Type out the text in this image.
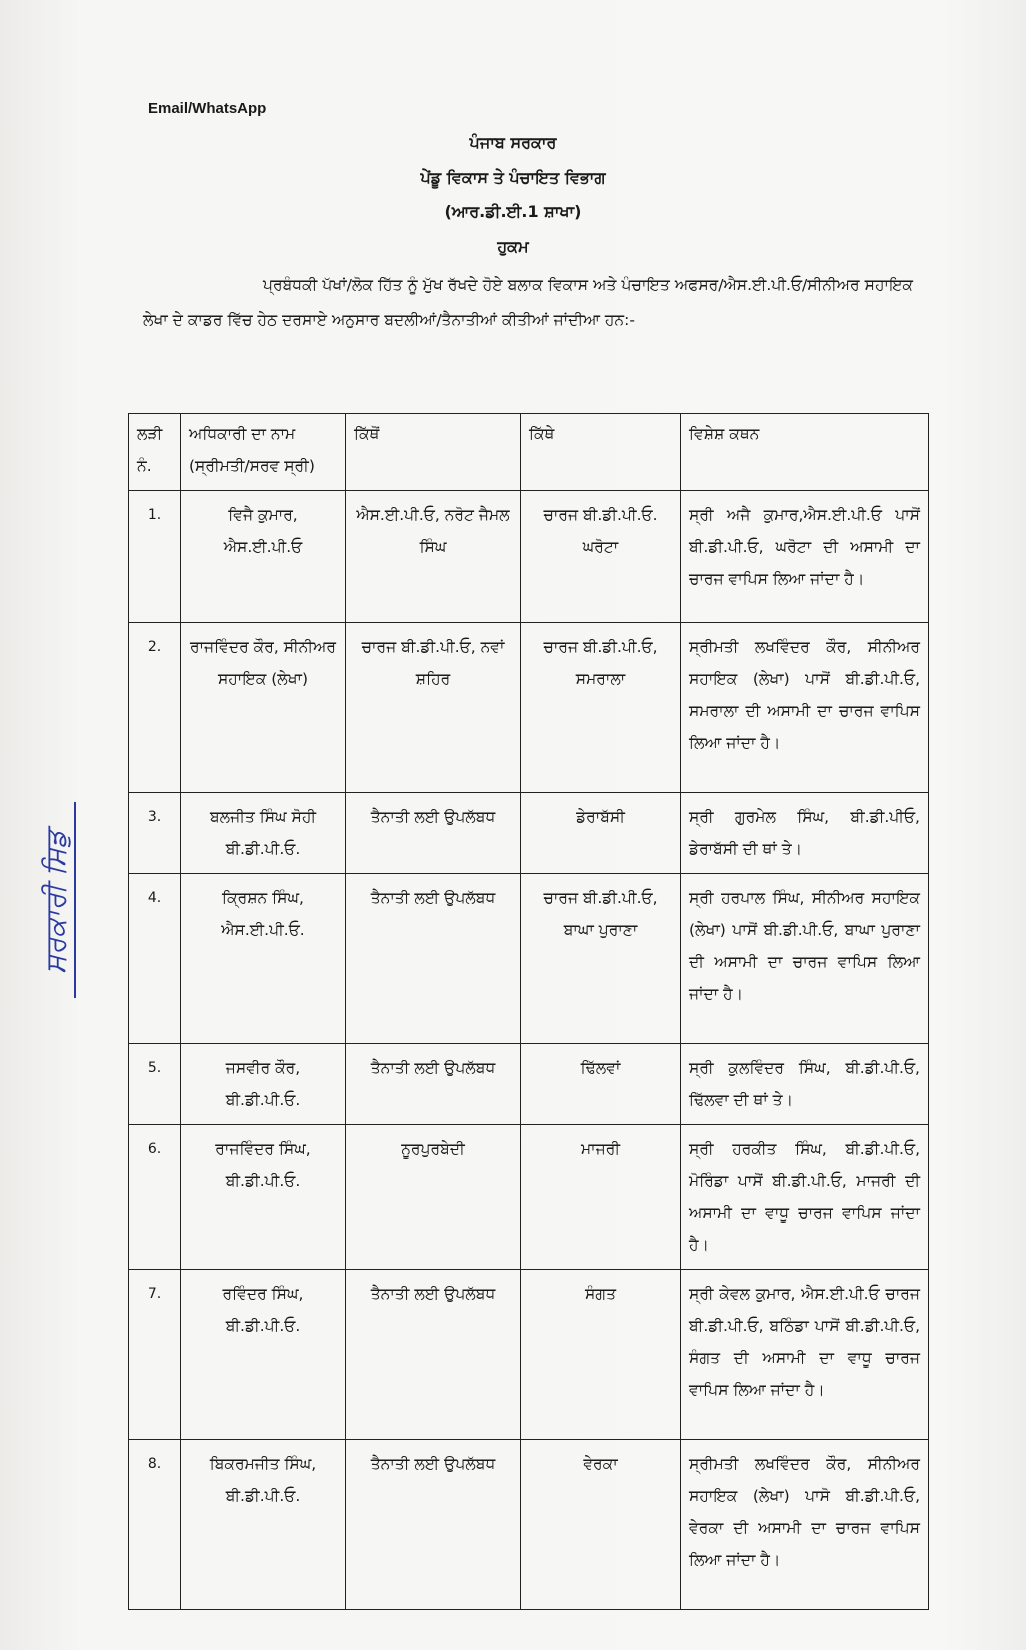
Email/WhatsApp
ਪੰਜਾਬ ਸਰਕਾਰ
ਪੇਂਡੂ ਵਿਕਾਸ ਤੇ ਪੰਚਾਇਤ ਵਿਭਾਗ
(ਆਰ.ਡੀ.ਈ.1 ਸ਼ਾਖਾ)
ਹੁਕਮ
ਪ੍ਰਬੰਧਕੀ ਪੱਖਾਂ/ਲੋਕ ਹਿੱਤ ਨੂੰ ਮੁੱਖ ਰੱਖਦੇ ਹੋਏ ਬਲਾਕ ਵਿਕਾਸ ਅਤੇ ਪੰਚਾਇਤ ਅਫਸਰ/ਐਸ.ਈ.ਪੀ.ਓ/ਸੀਨੀਅਰ ਸਹਾਇਕ ਲੇਖਾ ਦੇ ਕਾਡਰ ਵਿੱਚ ਹੇਠ ਦਰਸਾਏ ਅਨੁਸਾਰ ਬਦਲੀਆਂ/ਤੈਨਾਤੀਆਂ ਕੀਤੀਆਂ ਜਾਂਦੀਆ ਹਨ:-
ਸਰਕਾਰੀ ਸਿਡੁ
ਲੜੀ ਨੰ.	ਅਧਿਕਾਰੀ ਦਾ ਨਾਮ (ਸ੍ਰੀਮਤੀ/ਸਰਵ ਸ੍ਰੀ)	ਕਿੱਥੋਂ	ਕਿੱਥੇ	ਵਿਸ਼ੇਸ਼ ਕਥਨ
1.	ਵਿਜੈ ਕੁਮਾਰ, ਐਸ.ਈ.ਪੀ.ਓ	ਐਸ.ਈ.ਪੀ.ਓ, ਨਰੋਟ ਜੈਮਲ ਸਿੰਘ	ਚਾਰਜ ਬੀ.ਡੀ.ਪੀ.ਓ. ਘਰੋਟਾ	ਸ੍ਰੀ ਅਜੈ ਕੁਮਾਰ,ਐਸ.ਈ.ਪੀ.ਓ ਪਾਸੋਂ ਬੀ.ਡੀ.ਪੀ.ਓ, ਘਰੋਟਾ ਦੀ ਅਸਾਮੀ ਦਾ ਚਾਰਜ ਵਾਪਿਸ ਲਿਆ ਜਾਂਦਾ ਹੈ।
2.	ਰਾਜਵਿੰਦਰ ਕੌਰ, ਸੀਨੀਅਰ ਸਹਾਇਕ (ਲੇਖਾ)	ਚਾਰਜ ਬੀ.ਡੀ.ਪੀ.ਓ, ਨਵਾਂ ਸ਼ਹਿਰ	ਚਾਰਜ ਬੀ.ਡੀ.ਪੀ.ਓ, ਸਮਰਾਲਾ	ਸ੍ਰੀਮਤੀ ਲਖਵਿੰਦਰ ਕੌਰ, ਸੀਨੀਅਰ ਸਹਾਇਕ (ਲੇਖਾ) ਪਾਸੋਂ ਬੀ.ਡੀ.ਪੀ.ਓ, ਸਮਰਾਲਾ ਦੀ ਅਸਾਮੀ ਦਾ ਚਾਰਜ ਵਾਪਿਸ ਲਿਆ ਜਾਂਦਾ ਹੈ।
3.	ਬਲਜੀਤ ਸਿੰਘ ਸੋਹੀ ਬੀ.ਡੀ.ਪੀ.ਓ.	ਤੈਨਾਤੀ ਲਈ ਉਪਲੱਬਧ	ਡੇਰਾਬੱਸੀ	ਸ੍ਰੀ ਗੁਰਮੇਲ ਸਿੰਘ, ਬੀ.ਡੀ.ਪੀਓ, ਡੇਰਾਬੱਸੀ ਦੀ ਥਾਂ ਤੇ।
4.	ਕ੍ਰਿਸ਼ਨ ਸਿੰਘ, ਐਸ.ਈ.ਪੀ.ਓ.	ਤੈਨਾਤੀ ਲਈ ਉਪਲੱਬਧ	ਚਾਰਜ ਬੀ.ਡੀ.ਪੀ.ਓ, ਬਾਘਾ ਪੁਰਾਣਾ	ਸ੍ਰੀ ਹਰਪਾਲ ਸਿੰਘ, ਸੀਨੀਅਰ ਸਹਾਇਕ (ਲੇਖਾ) ਪਾਸੋਂ ਬੀ.ਡੀ.ਪੀ.ਓ, ਬਾਘਾ ਪੁਰਾਣਾ ਦੀ ਅਸਾਮੀ ਦਾ ਚਾਰਜ ਵਾਪਿਸ ਲਿਆ ਜਾਂਦਾ ਹੈ।
5.	ਜਸਵੀਰ ਕੌਰ, ਬੀ.ਡੀ.ਪੀ.ਓ.	ਤੈਨਾਤੀ ਲਈ ਉਪਲੱਬਧ	ਢਿੱਲਵਾਂ	ਸ੍ਰੀ ਕੁਲਵਿੰਦਰ ਸਿੰਘ, ਬੀ.ਡੀ.ਪੀ.ਓ, ਢਿੱਲਵਾ ਦੀ ਥਾਂ ਤੇ।
6.	ਰਾਜਵਿੰਦਰ ਸਿੰਘ, ਬੀ.ਡੀ.ਪੀ.ਓ.	ਨੂਰਪੁਰਬੇਦੀ	ਮਾਜਰੀ	ਸ੍ਰੀ ਹਰਕੀਤ ਸਿੰਘ, ਬੀ.ਡੀ.ਪੀ.ਓ, ਮੋਰਿੰਡਾ ਪਾਸੋਂ ਬੀ.ਡੀ.ਪੀ.ਓ, ਮਾਜਰੀ ਦੀ ਅਸਾਮੀ ਦਾ ਵਾਧੂ ਚਾਰਜ ਵਾਪਿਸ ਜਾਂਦਾ ਹੈ।
7.	ਰਵਿੰਦਰ ਸਿੰਘ, ਬੀ.ਡੀ.ਪੀ.ਓ.	ਤੈਨਾਤੀ ਲਈ ਉਪਲੱਬਧ	ਸੰਗਤ	ਸ੍ਰੀ ਕੇਵਲ ਕੁਮਾਰ, ਐਸ.ਈ.ਪੀ.ਓ ਚਾਰਜ ਬੀ.ਡੀ.ਪੀ.ਓ, ਬਠਿੰਡਾ ਪਾਸੋਂ ਬੀ.ਡੀ.ਪੀ.ਓ, ਸੰਗਤ ਦੀ ਅਸਾਮੀ ਦਾ ਵਾਧੂ ਚਾਰਜ ਵਾਪਿਸ ਲਿਆ ਜਾਂਦਾ ਹੈ।
8.	ਬਿਕਰਮਜੀਤ ਸਿੰਘ, ਬੀ.ਡੀ.ਪੀ.ਓ.	ਤੈਨਾਤੀ ਲਈ ਉਪਲੱਬਧ	ਵੇਰਕਾ	ਸ੍ਰੀਮਤੀ ਲਖਵਿੰਦਰ ਕੌਰ, ਸੀਨੀਅਰ ਸਹਾਇਕ (ਲੇਖਾ) ਪਾਸੋ ਬੀ.ਡੀ.ਪੀ.ਓ, ਵੇਰਕਾ ਦੀ ਅਸਾਮੀ ਦਾ ਚਾਰਜ ਵਾਪਿਸ ਲਿਆ ਜਾਂਦਾ ਹੈ।
